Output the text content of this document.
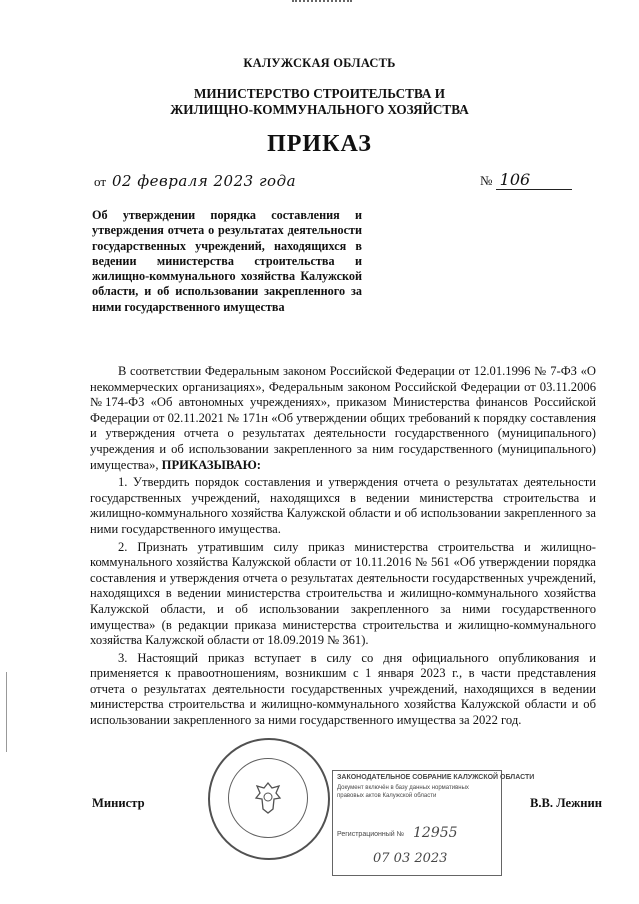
КАЛУЖСКАЯ ОБЛАСТЬ
МИНИСТЕРСТВО СТРОИТЕЛЬСТВА И
ЖИЛИЩНО-КОММУНАЛЬНОГО ХОЗЯЙСТВА
ПРИКАЗ
от 02 февраля 2023 года	№ 106
Об утверждении порядка составления и утверждения отчета о результатах деятельности государственных учреждений, находящихся в ведении министерства строительства и жилищно-коммунального хозяйства Калужской области, и об использовании закрепленного за ними государственного имущества

В соответствии Федеральным законом Российской Федерации от 12.01.1996 № 7-ФЗ «О некоммерческих организациях», Федеральным законом Российской Федерации от 03.11.2006 №174-ФЗ «Об автономных учреждениях», приказом Министерства финансов Российской Федерации от 02.11.2021 № 171н «Об утверждении общих требований к порядку составления и утверждения отчета о результатах деятельности государственного (муниципального) учреждения и об использовании закрепленного за ним государственного (муниципального) имущества», ПРИКАЗЫВАЮ:

1. Утвердить порядок составления и утверждения отчета о результатах деятельности государственных учреждений, находящихся в ведении министерства строительства и жилищно-коммунального хозяйства Калужской области и об использовании закрепленного за ними государственного имущества.

2. Признать утратившим силу приказ министерства строительства и жилищно-коммунального хозяйства Калужской области от 10.11.2016 № 561 «Об утверждении порядка составления и утверждения отчета о результатах деятельности государственных учреждений, находящихся в ведении министерства строительства и жилищно-коммунального хозяйства Калужской области, и об использовании закрепленного за ними государственного имущества» (в редакции приказа министерства строительства и жилищно-коммунального хозяйства Калужской области от 18.09.2019 № 361).

3. Настоящий приказ вступает в силу со дня официального опубликования и применяется к правоотношениям, возникшим с 1 января 2023 г., в части представления отчета о результатах деятельности государственных учреждений, находящихся в ведении министерства строительства и жилищно-коммунального хозяйства Калужской области и об использовании закрепленного за ними государственного имущества за 2022 год.

Министр	В.В. Лежнин
ЗАКОНОДАТЕЛЬНОЕ СОБРАНИЕ КАЛУЖСКОЙ ОБЛАСТИ
Документ включён в базу данных нормативных правовых актов Калужской области
Регистрационный № 12955
07 03 2023
